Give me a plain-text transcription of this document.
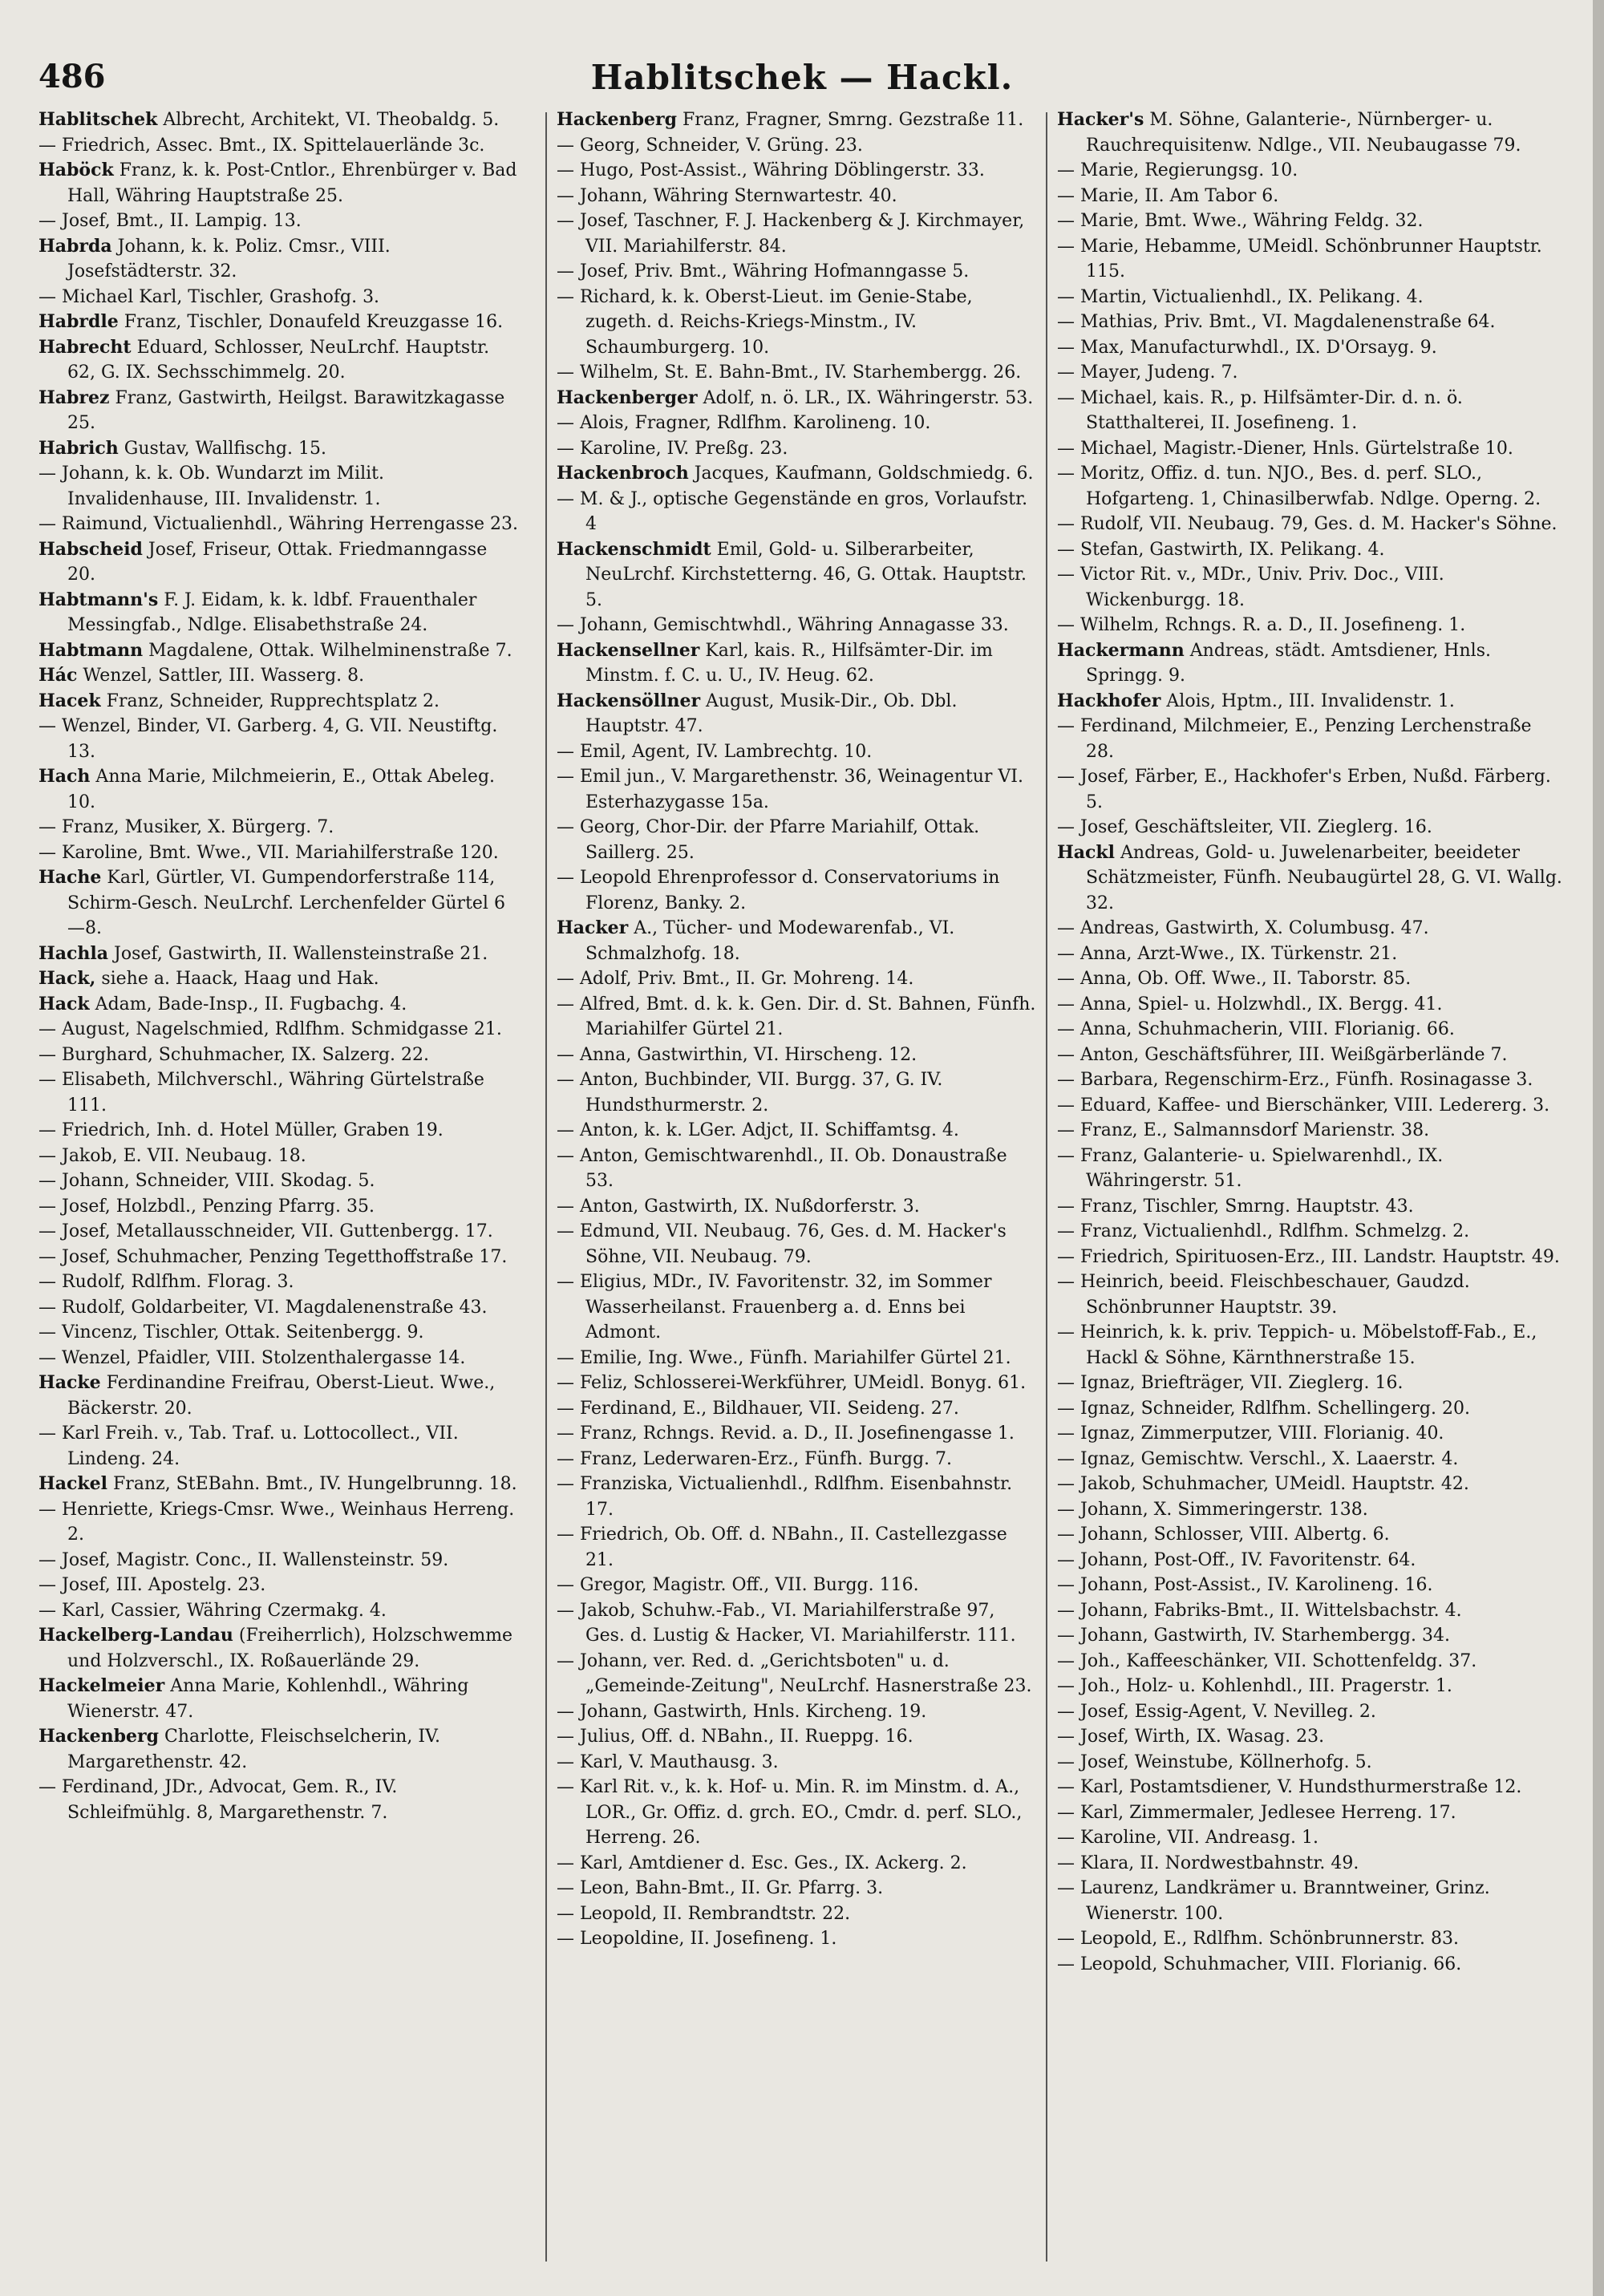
486	Hablitschek — Hackl.

Hablitschek Albrecht, Architekt, VI. Theobaldg. 5.

— Friedrich, Assec. Bmt., IX. Spittelauerlände 3c.

Haböck Franz, k. k. Post-Cntlor., Ehrenbürger v. Bad Hall, Währing Hauptstraße 25.

— Josef, Bmt., II. Lampig. 13.

Habrda Johann, k. k. Poliz. Cmsr., VIII. Josefstädterstr. 32.

— Michael Karl, Tischler, Grashofg. 3.

Habrdle Franz, Tischler, Donaufeld Kreuzgasse 16.

Habrecht Eduard, Schlosser, NeuLrchf. Hauptstr. 62, G. IX. Sechsschimmelg. 20.

Habrez Franz, Gastwirth, Heilgst. Barawitzkagasse 25.

Habrich Gustav, Wallfischg. 15.

— Johann, k. k. Ob. Wundarzt im Milit. Invalidenhause, III. Invalidenstr. 1.

— Raimund, Victualienhdl., Währing Herrengasse 23.

Habscheid Josef, Friseur, Ottak. Friedmanngasse 20.

Habtmann's F. J. Eidam, k. k. ldbf. Frauenthaler Messingfab., Ndlge. Elisabethstraße 24.

Habtmann Magdalene, Ottak. Wilhelminenstraße 7.

Hác Wenzel, Sattler, III. Wasserg. 8.

Hacek Franz, Schneider, Rupprechtsplatz 2.

— Wenzel, Binder, VI. Garberg. 4, G. VII. Neustiftg. 13.

Hach Anna Marie, Milchmeierin, E., Ottak Abeleg. 10.

— Franz, Musiker, X. Bürgerg. 7.

— Karoline, Bmt. Wwe., VII. Mariahilferstraße 120.

Hache Karl, Gürtler, VI. Gumpendorferstraße 114, Schirm-Gesch. NeuLrchf. Lerchenfelder Gürtel 6—8.

Hachla Josef, Gastwirth, II. Wallensteinstraße 21.

Hack, siehe a. Haack, Haag und Hak.

Hack Adam, Bade-Insp., II. Fugbachg. 4.

— August, Nagelschmied, Rdlfhm. Schmidgasse 21.

— Burghard, Schuhmacher, IX. Salzerg. 22.

— Elisabeth, Milchverschl., Währing Gürtelstraße 111.

— Friedrich, Inh. d. Hotel Müller, Graben 19.

— Jakob, E. VII. Neubaug. 18.

— Johann, Schneider, VIII. Skodag. 5.

— Josef, Holzbdl., Penzing Pfarrg. 35.

— Josef, Metallausschneider, VII. Guttenbergg. 17.

— Josef, Schuhmacher, Penzing Tegetthoffstraße 17.

— Rudolf, Rdlfhm. Florag. 3.

— Rudolf, Goldarbeiter, VI. Magdalenenstraße 43.

— Vincenz, Tischler, Ottak. Seitenbergg. 9.

— Wenzel, Pfaidler, VIII. Stolzenthalergasse 14.

Hacke Ferdinandine Freifrau, Oberst-Lieut. Wwe., Bäckerstr. 20.

— Karl Freih. v., Tab. Traf. u. Lottocollect., VII. Lindeng. 24.

Hackel Franz, StEBahn. Bmt., IV. Hungelbrunng. 18.

— Henriette, Kriegs-Cmsr. Wwe., Weinhaus Herreng. 2.

— Josef, Magistr. Conc., II. Wallensteinstr. 59.

— Josef, III. Apostelg. 23.

— Karl, Cassier, Währing Czermakg. 4.

Hackelberg-Landau (Freiherrlich), Holzschwemme und Holzverschl., IX. Roßauerlände 29.

Hackelmeier Anna Marie, Kohlenhdl., Währing Wienerstr. 47.

Hackenberg Charlotte, Fleischselcherin, IV. Margarethenstr. 42.

— Ferdinand, JDr., Advocat, Gem. R., IV. Schleifmühlg. 8, Margarethenstr. 7.

Hackenberg Franz, Fragner, Smrng. Gezstraße 11.

— Georg, Schneider, V. Grüng. 23.

— Hugo, Post-Assist., Währing Döblingerstr. 33.

— Johann, Währing Sternwartestr. 40.

— Josef, Taschner, F. J. Hackenberg & J. Kirchmayer, VII. Mariahilferstr. 84.

— Josef, Priv. Bmt., Währing Hofmanngasse 5.

— Richard, k. k. Oberst-Lieut. im Genie-Stabe, zugeth. d. Reichs-Kriegs-Minstm., IV. Schaumburgerg. 10.

— Wilhelm, St. E. Bahn-Bmt., IV. Starhembergg. 26.

Hackenberger Adolf, n. ö. LR., IX. Währingerstr. 53.

— Alois, Fragner, Rdlfhm. Karolineng. 10.

— Karoline, IV. Preßg. 23.

Hackenbroch Jacques, Kaufmann, Goldschmiedg. 6.

— M. & J., optische Gegenstände en gros, Vorlaufstr. 4

Hackenschmidt Emil, Gold- u. Silberarbeiter, NeuLrchf. Kirchstetterng. 46, G. Ottak. Hauptstr. 5.

— Johann, Gemischtwhdl., Währing Annagasse 33.

Hackensellner Karl, kais. R., Hilfsämter-Dir. im Minstm. f. C. u. U., IV. Heug. 62.

Hackensöllner August, Musik-Dir., Ob. Dbl. Hauptstr. 47.

— Emil, Agent, IV. Lambrechtg. 10.

— Emil jun., V. Margarethenstr. 36, Weinagentur VI. Esterhazygasse 15a.

— Georg, Chor-Dir. der Pfarre Mariahilf, Ottak. Saillerg. 25.

— Leopold Ehrenprofessor d. Conservatoriums in Florenz, Banky. 2.

Hacker A., Tücher- und Modewarenfab., VI. Schmalzhofg. 18.

— Adolf, Priv. Bmt., II. Gr. Mohreng. 14.

— Alfred, Bmt. d. k. k. Gen. Dir. d. St. Bahnen, Fünfh. Mariahilfer Gürtel 21.

— Anna, Gastwirthin, VI. Hirscheng. 12.

— Anton, Buchbinder, VII. Burgg. 37, G. IV. Hundsthurmerstr. 2.

— Anton, k. k. LGer. Adjct, II. Schiffamtsg. 4.

— Anton, Gemischtwarenhdl., II. Ob. Donaustraße 53.

— Anton, Gastwirth, IX. Nußdorferstr. 3.

— Edmund, VII. Neubaug. 76, Ges. d. M. Hacker's Söhne, VII. Neubaug. 79.

— Eligius, MDr., IV. Favoritenstr. 32, im Sommer Wasserheilanst. Frauenberg a. d. Enns bei Admont.

— Emilie, Ing. Wwe., Fünfh. Mariahilfer Gürtel 21.

— Feliz, Schlosserei-Werkführer, UMeidl. Bonyg. 61.

— Ferdinand, E., Bildhauer, VII. Seideng. 27.

— Franz, Rchngs. Revid. a. D., II. Josefinengasse 1.

— Franz, Lederwaren-Erz., Fünfh. Burgg. 7.

— Franziska, Victualienhdl., Rdlfhm. Eisenbahnstr. 17.

— Friedrich, Ob. Off. d. NBahn., II. Castellezgasse 21.

— Gregor, Magistr. Off., VII. Burgg. 116.

— Jakob, Schuhw.-Fab., VI. Mariahilferstraße 97, Ges. d. Lustig & Hacker, VI. Mariahilferstr. 111.

— Johann, ver. Red. d. „Gerichtsboten" u. d. „Gemeinde-Zeitung", NeuLrchf. Hasnerstraße 23.

— Johann, Gastwirth, Hnls. Kircheng. 19.

— Julius, Off. d. NBahn., II. Rueppg. 16.

— Karl, V. Mauthausg. 3.

— Karl Rit. v., k. k. Hof- u. Min. R. im Minstm. d. A., LOR., Gr. Offiz. d. grch. EO., Cmdr. d. perf. SLO., Herreng. 26.

— Karl, Amtdiener d. Esc. Ges., IX. Ackerg. 2.

— Leon, Bahn-Bmt., II. Gr. Pfarrg. 3.

— Leopold, II. Rembrandtstr. 22.

— Leopoldine, II. Josefineng. 1.

Hacker's M. Söhne, Galanterie-, Nürnberger- u. Rauchrequisitenw. Ndlge., VII. Neubaugasse 79.

— Marie, Regierungsg. 10.

— Marie, II. Am Tabor 6.

— Marie, Bmt. Wwe., Währing Feldg. 32.

— Marie, Hebamme, UMeidl. Schönbrunner Hauptstr. 115.

— Martin, Victualienhdl., IX. Pelikang. 4.

— Mathias, Priv. Bmt., VI. Magdalenenstraße 64.

— Max, Manufacturwhdl., IX. D'Orsayg. 9.

— Mayer, Judeng. 7.

— Michael, kais. R., p. Hilfsämter-Dir. d. n. ö. Statthalterei, II. Josefineng. 1.

— Michael, Magistr.-Diener, Hnls. Gürtelstraße 10.

— Moritz, Offiz. d. tun. NJO., Bes. d. perf. SLO., Hofgarteng. 1, Chinasilberwfab. Ndlge. Operng. 2.

— Rudolf, VII. Neubaug. 79, Ges. d. M. Hacker's Söhne.

— Stefan, Gastwirth, IX. Pelikang. 4.

— Victor Rit. v., MDr., Univ. Priv. Doc., VIII. Wickenburgg. 18.

— Wilhelm, Rchngs. R. a. D., II. Josefineng. 1.

Hackermann Andreas, städt. Amtsdiener, Hnls. Springg. 9.

Hackhofer Alois, Hptm., III. Invalidenstr. 1.

— Ferdinand, Milchmeier, E., Penzing Lerchenstraße 28.

— Josef, Färber, E., Hackhofer's Erben, Nußd. Färberg. 5.

— Josef, Geschäftsleiter, VII. Zieglerg. 16.

Hackl Andreas, Gold- u. Juwelenarbeiter, beeideter Schätzmeister, Fünfh. Neubaugürtel 28, G. VI. Wallg. 32.

— Andreas, Gastwirth, X. Columbusg. 47.

— Anna, Arzt-Wwe., IX. Türkenstr. 21.

— Anna, Ob. Off. Wwe., II. Taborstr. 85.

— Anna, Spiel- u. Holzwhdl., IX. Bergg. 41.

— Anna, Schuhmacherin, VIII. Florianig. 66.

— Anton, Geschäftsführer, III. Weißgärberlände 7.

— Barbara, Regenschirm-Erz., Fünfh. Rosinagasse 3.

— Eduard, Kaffee- und Bierschänker, VIII. Ledererg. 3.

— Franz, E., Salmannsdorf Marienstr. 38.

— Franz, Galanterie- u. Spielwarenhdl., IX. Währingerstr. 51.

— Franz, Tischler, Smrng. Hauptstr. 43.

— Franz, Victualienhdl., Rdlfhm. Schmelzg. 2.

— Friedrich, Spirituosen-Erz., III. Landstr. Hauptstr. 49.

— Heinrich, beeid. Fleischbeschauer, Gaudzd. Schönbrunner Hauptstr. 39.

— Heinrich, k. k. priv. Teppich- u. Möbelstoff-Fab., E., Hackl & Söhne, Kärnthnerstraße 15.

— Ignaz, Briefträger, VII. Zieglerg. 16.

— Ignaz, Schneider, Rdlfhm. Schellingerg. 20.

— Ignaz, Zimmerputzer, VIII. Florianig. 40.

— Ignaz, Gemischtw. Verschl., X. Laaerstr. 4.

— Jakob, Schuhmacher, UMeidl. Hauptstr. 42.

— Johann, X. Simmeringerstr. 138.

— Johann, Schlosser, VIII. Albertg. 6.

— Johann, Post-Off., IV. Favoritenstr. 64.

— Johann, Post-Assist., IV. Karolineng. 16.

— Johann, Fabriks-Bmt., II. Wittelsbachstr. 4.

— Johann, Gastwirth, IV. Starhembergg. 34.

— Joh., Kaffeeschänker, VII. Schottenfeldg. 37.

— Joh., Holz- u. Kohlenhdl., III. Pragerstr. 1.

— Josef, Essig-Agent, V. Nevilleg. 2.

— Josef, Wirth, IX. Wasag. 23.

— Josef, Weinstube, Köllnerhofg. 5.

— Karl, Postamtsdiener, V. Hundsthurmerstraße 12.

— Karl, Zimmermaler, Jedlesee Herreng. 17.

— Karoline, VII. Andreasg. 1.

— Klara, II. Nordwestbahnstr. 49.

— Laurenz, Landkrämer u. Branntweiner, Grinz. Wienerstr. 100.

— Leopold, E., Rdlfhm. Schönbrunnerstr. 83.

— Leopold, Schuhmacher, VIII. Florianig. 66.
